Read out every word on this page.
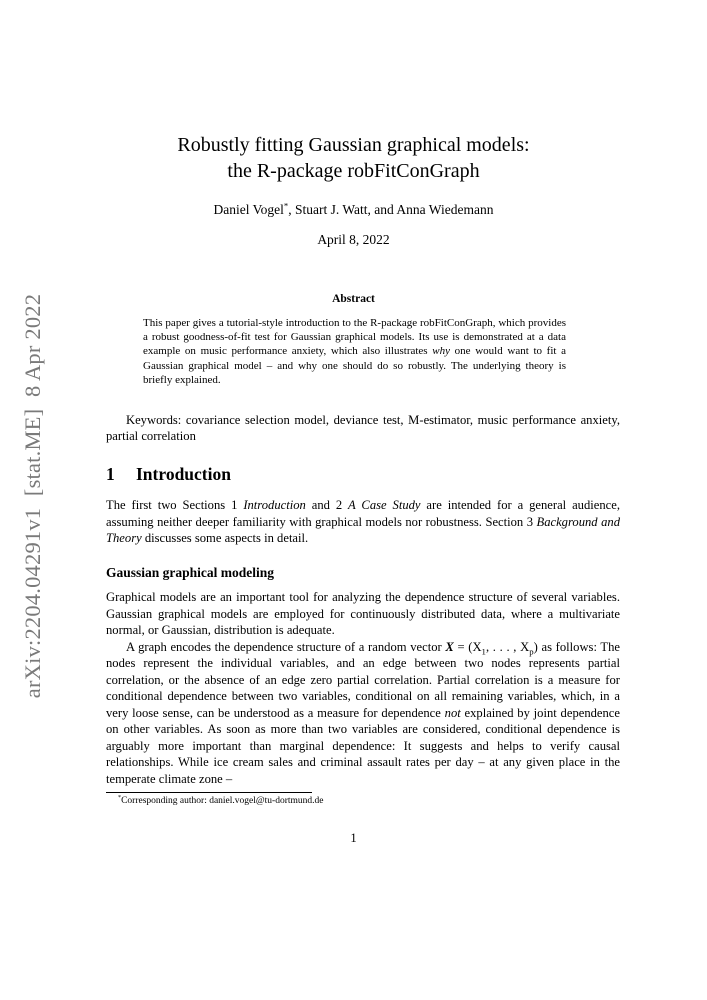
arXiv:2204.04291v1  [stat.ME]  8 Apr 2022
Robustly fitting Gaussian graphical models:
the R-package robFitConGraph
Daniel Vogel*, Stuart J. Watt, and Anna Wiedemann
April 8, 2022
Abstract
This paper gives a tutorial-style introduction to the R-package robFitConGraph, which provides a robust goodness-of-fit test for Gaussian graphical models. Its use is demonstrated at a data example on music performance anxiety, which also illustrates why one would want to fit a Gaussian graphical model – and why one should do so robustly. The underlying theory is briefly explained.
Keywords: covariance selection model, deviance test, M-estimator, music performance anxiety, partial correlation
1 Introduction
The first two Sections 1 Introduction and 2 A Case Study are intended for a general audience, assuming neither deeper familiarity with graphical models nor robustness. Section 3 Background and Theory discusses some aspects in detail.
Gaussian graphical modeling

Graphical models are an important tool for analyzing the dependence structure of several variables. Gaussian graphical models are employed for continuously distributed data, where a multivariate normal, or Gaussian, distribution is adequate.

A graph encodes the dependence structure of a random vector $X = (X_1$, . . . , $X_p$) as follows: The nodes represent the individual variables, and an edge between two nodes represents partial correlation, or the absence of an edge zero partial correlation. Partial correlation is a measure for conditional dependence between two variables, conditional on all remaining variables, which, in a very loose sense, can be understood as a measure for dependence not explained by joint dependence on other variables. As soon as more than two variables are considered, conditional dependence is arguably more important than marginal dependence: It suggests and helps to verify causal relationships. While ice cream sales and criminal assault rates per day – at any given place in the temperate climate zone –

*Corresponding author: daniel.vogel@tu-dortmund.de
1
